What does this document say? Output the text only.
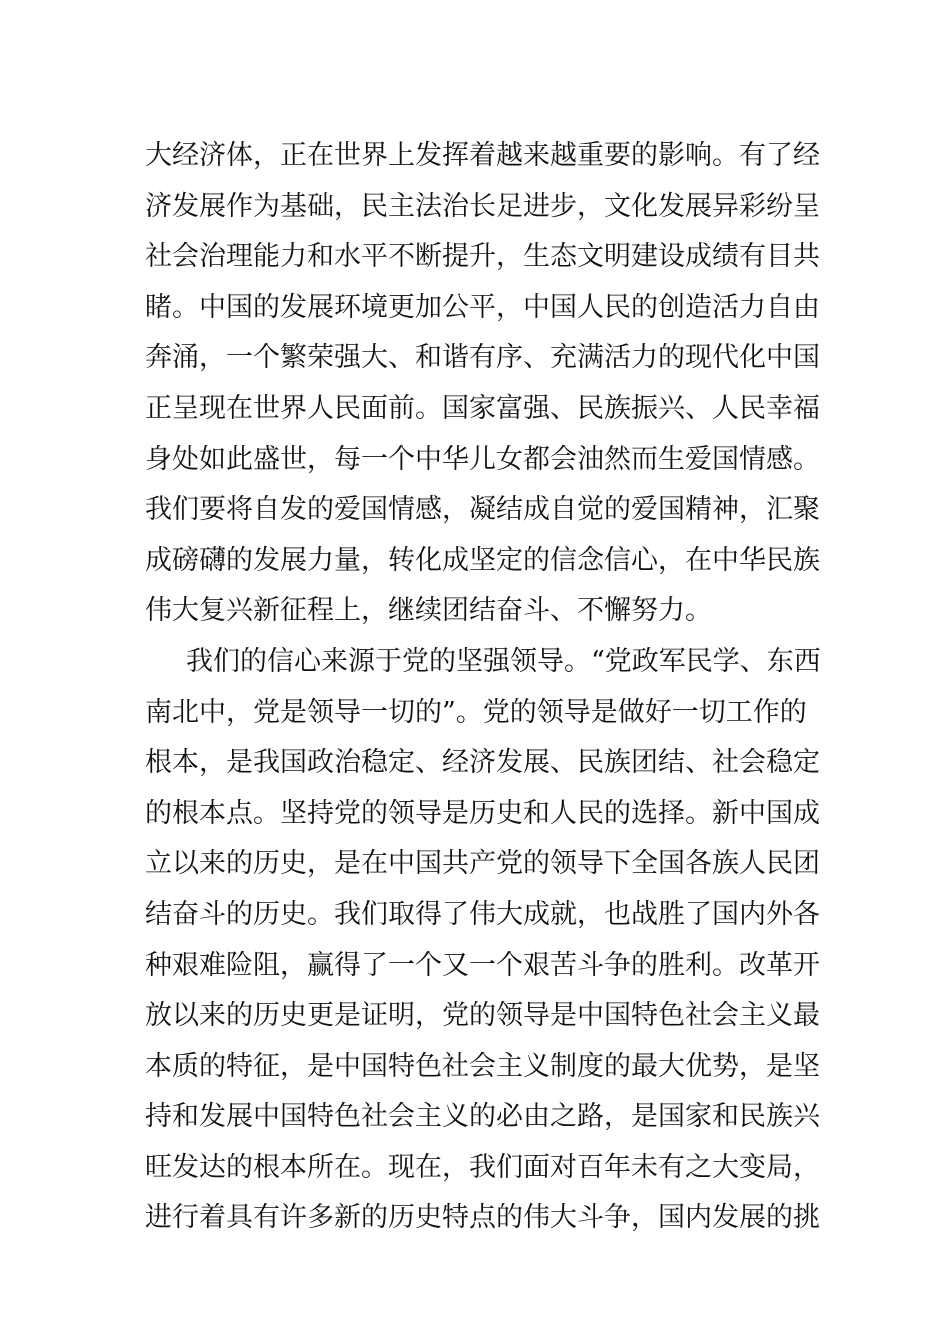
大经济体，正在世界上发挥着越来越重要的影响。有了经
济发展作为基础，民主法治长足进步，文化发展异彩纷呈
社会治理能力和水平不断提升，生态文明建设成绩有目共
睹。中国的发展环境更加公平，中国人民的创造活力自由
奔涌，一个繁荣强大、和谐有序、充满活力的现代化中国
正呈现在世界人民面前。国家富强、民族振兴、人民幸福
身处如此盛世，每一个中华儿女都会油然而生爱国情感。
我们要将自发的爱国情感，凝结成自觉的爱国精神，汇聚
成磅礴的发展力量，转化成坚定的信念信心，在中华民族
伟大复兴新征程上，继续团结奋斗、不懈努力。
我们的信心来源于党的坚强领导。“党政军民学、东西
南北中，党是领导一切的”。党的领导是做好一切工作的
根本，是我国政治稳定、经济发展、民族团结、社会稳定
的根本点。坚持党的领导是历史和人民的选择。新中国成
立以来的历史，是在中国共产党的领导下全国各族人民团
结奋斗的历史。我们取得了伟大成就，也战胜了国内外各
种艰难险阻，赢得了一个又一个艰苦斗争的胜利。改革开
放以来的历史更是证明，党的领导是中国特色社会主义最
本质的特征，是中国特色社会主义制度的最大优势，是坚
持和发展中国特色社会主义的必由之路，是国家和民族兴
旺发达的根本所在。现在，我们面对百年未有之大变局，
进行着具有许多新的历史特点的伟大斗争，国内发展的挑
